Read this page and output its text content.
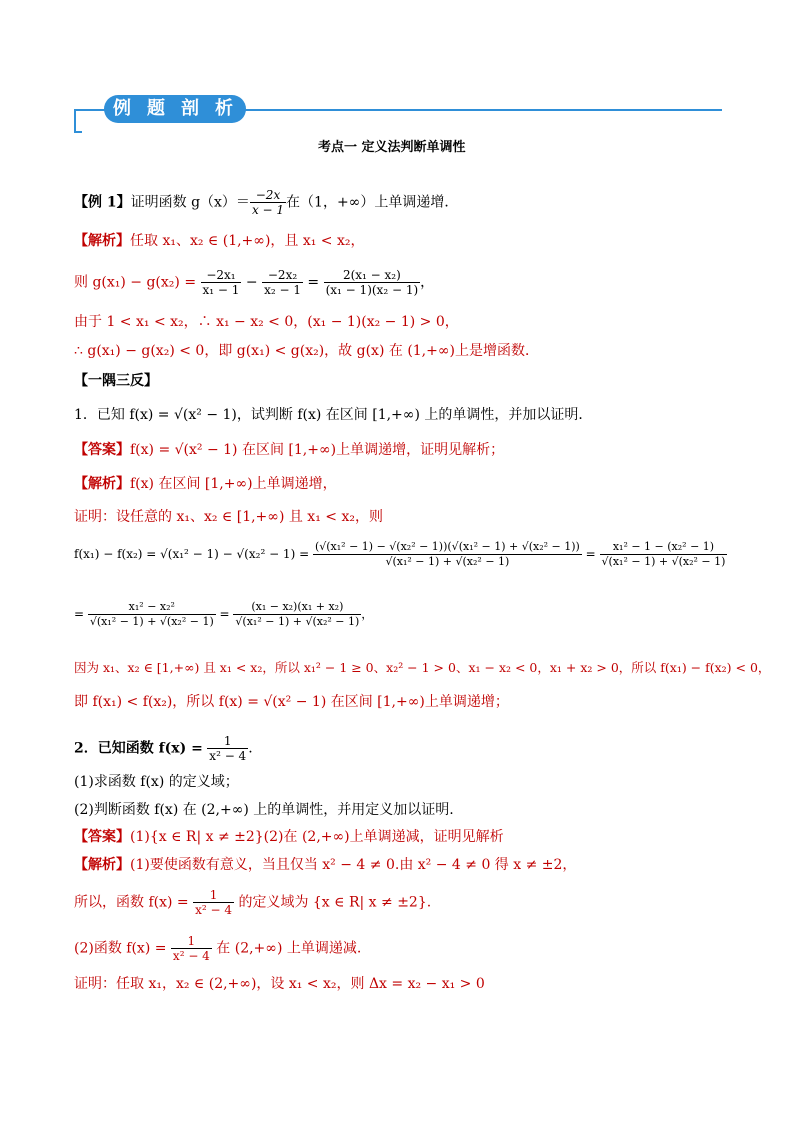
例 题 剖 析
考点一 定义法判断单调性
【例 1】证明函数 $g(x)= \frac{-2x}{x - 1}$ 在（1，+∞）上单调递增．
【解析】任取 x₁、x₂ ∈ (1,+∞)，且 x₁ < x₂，
则 $g(x_1) - g(x_2) = \frac{\text{−2x₁}}{\text{x₁ − 1}} - \frac{\text{−2x₂}}{\text{x₂ − 1}} = \frac{\text{2(x₁ − x₂)}}{\text{(x₁ − 1)(x₂ − 1)}}$ ，
由于 1 < x₁ < x₂，∴ x₁ − x₂ < 0，(x₁ − 1)(x₂ − 1) > 0，
∴ g(x₁) − g(x₂) < 0，即 g(x₁) < g(x₂)，故 g(x) 在 (1,+∞)上是增函数．
【一隅三反】
1．已知 f(x) = √(x² − 1)，试判断 f(x) 在区间 [1,+∞) 上的单调性，并加以证明．
【答案】f(x) = √(x² − 1) 在区间 [1,+∞)上单调递增，证明见解析；
【解析】f(x) 在区间 [1,+∞)上单调递增，
证明：设任意的 x₁、x₂ ∈ [1,+∞) 且 x₁ < x₂，则
$f(x_1) - f(x_2) = √(x_1^2 - 1) - √(x_2^2 - 1) = \frac{\text{(√(x₁² − 1) − √(x₂² − 1))(√(x₁² − 1) + √(x₂² − 1))}}{\text{√(x₁² − 1) + √(x₂² − 1)}} = \frac{\text{x₁² − 1 − (x₂² − 1)}}{\text{√(x₁² − 1) + √(x₂² − 1)}}$
= $\frac{\text{x₁² − x₂²}}{\text{√(x₁² − 1) + √(x₂² − 1)}} = \frac{\text{(x₁ − x₂)(x₁ + x₂)}}{\text{√(x₁² − 1) + √(x₂² − 1)}}$ ，
因为 x₁、x₂ ∈ [1,+∞) 且 x₁ < x₂，所以 x₁² − 1 ≥ 0、x₂² − 1 > 0、x₁ − x₂ < 0，x₁ + x₂ > 0，所以 f(x₁) − f(x₂) < 0，
即 f(x₁) < f(x₂)，所以 f(x) = √(x² − 1) 在区间 [1,+∞)上单调递增；
2．已知函数 $f(x) = \frac{1}{\text{x² − 4}}$ .
(1)求函数 f(x) 的定义域；
(2)判断函数 f(x) 在 (2,+∞) 上的单调性，并用定义加以证明.
【答案】(1){x ∈ R| x ≠ ±2}(2)在 (2,+∞)上单调递减，证明见解析
【解析】(1)要使函数有意义，当且仅当 x² − 4 ≠ 0.由 x² − 4 ≠ 0 得 x ≠ ±2，
所以，函数 $f(x) = \frac{1}{\text{x² − 4}}$ 的定义域为 {x ∈ R| x ≠ ±2}.
(2)函数 $f(x) = \frac{1}{\text{x² − 4}}$ 在 (2,+∞) 上单调递减.
证明：任取 x₁，x₂ ∈ (2,+∞)，设 x₁ < x₂，则 Δx = x₂ − x₁ > 0
